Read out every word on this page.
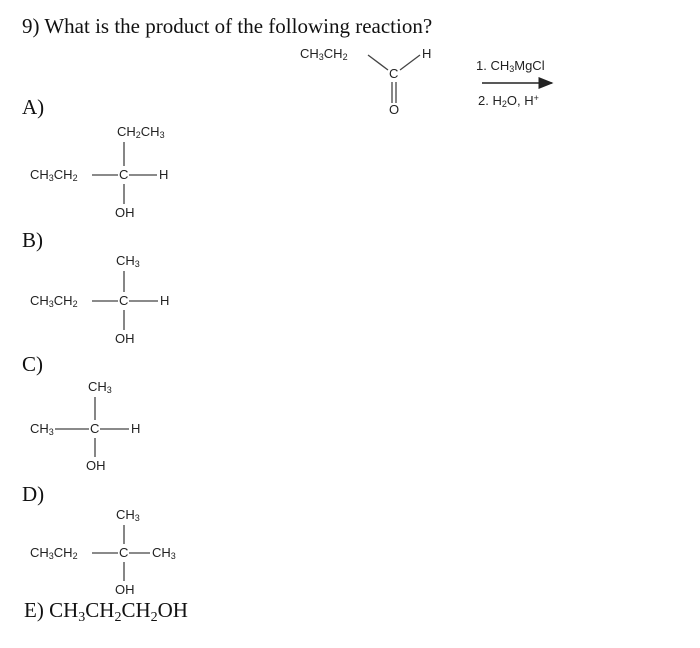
9) What is the product of the following reaction?
$CH_3CH_2$	H
C
O
1. $CH_3MgCl$
2. $H_2O$, H+
A)
B)
C)
D)
$CH_2CH_3$
$CH_3CH_2$	C H
OH
$CH_3$
$CH_3CH_2$	C H
OH
$CH_3$
$CH_3$	C H
OH
$CH_3$
$CH_3CH_2$	C $CH_3$
OH
E) $CH_3CH_2CH_2OH$
